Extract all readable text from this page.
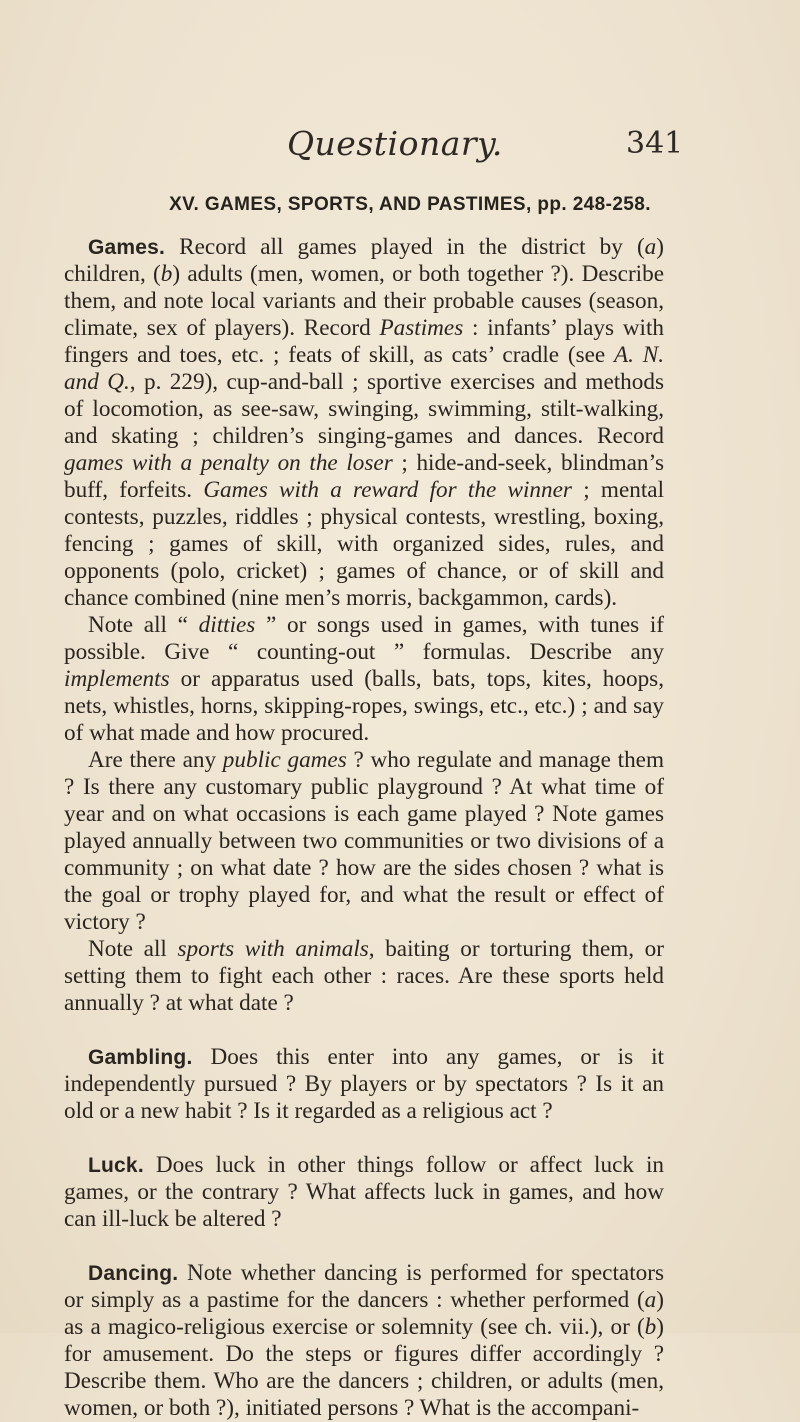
Questionary.	341
XV. GAMES, SPORTS, AND PASTIMES, pp. 248-258.

Games. Record all games played in the district by (a) children, (b) adults (men, women, or both together ?). Describe them, and note local variants and their probable causes (season, climate, sex of players). Record Pastimes : infants’ plays with fingers and toes, etc. ; feats of skill, as cats’ cradle (see A. N. and Q., p. 229), cup-and-ball ; sportive exercises and methods of locomotion, as see-saw, swinging, swimming, stilt-walking, and skating ; children’s singing-games and dances. Record games with a penalty on the loser ; hide-and-seek, blindman’s buff, forfeits. Games with a reward for the winner ; mental contests, puzzles, riddles ; physical contests, wrestling, boxing, fencing ; games of skill, with organized sides, rules, and opponents (polo, cricket) ; games of chance, or of skill and chance combined (nine men’s morris, backgammon, cards).

Note all “ ditties ” or songs used in games, with tunes if possible. Give “ counting-out ” formulas. Describe any implements or apparatus used (balls, bats, tops, kites, hoops, nets, whistles, horns, skipping-ropes, swings, etc., etc.) ; and say of what made and how procured.

Are there any public games ? who regulate and manage them ? Is there any customary public playground ? At what time of year and on what occasions is each game played ? Note games played annually between two communities or two divisions of a community ; on what date ? how are the sides chosen ? what is the goal or trophy played for, and what the result or effect of victory ?

Note all sports with animals, baiting or torturing them, or setting them to fight each other : races. Are these sports held annually ? at what date ?

Gambling. Does this enter into any games, or is it independently pursued ? By players or by spectators ? Is it an old or a new habit ? Is it regarded as a religious act ?

Luck. Does luck in other things follow or affect luck in games, or the contrary ? What affects luck in games, and how can ill-luck be altered ?

Dancing. Note whether dancing is performed for spectators or simply as a pastime for the dancers : whether performed (a) as a magico-religious exercise or solemnity (see ch. vii.), or (b) for amusement. Do the steps or figures differ accordingly ? Describe them. Who are the dancers ; children, or adults (men, women, or both ?), initiated persons ? What is the accompani-
